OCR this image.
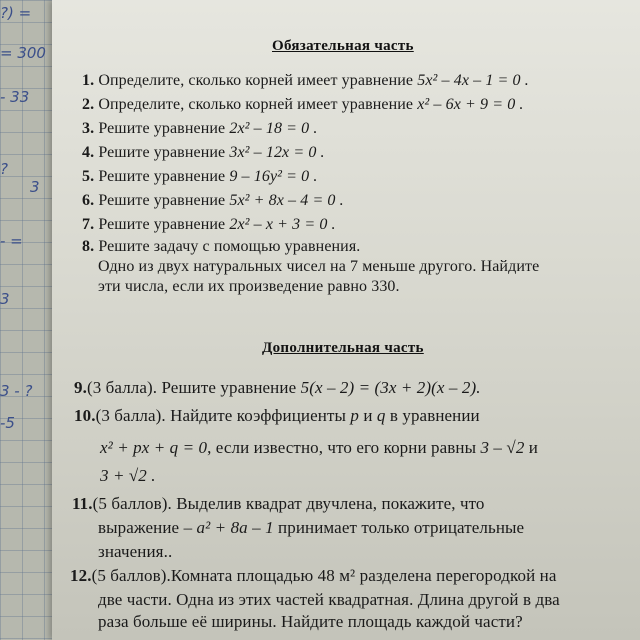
?) =
= 300
- 33
?
3
- =
3
3 - ?
-5
Обязательная часть
1. Определите, сколько корней имеет уравнение 5x² – 4x – 1 = 0 .
2. Определите, сколько корней имеет уравнение x² – 6x + 9 = 0 .
3. Решите уравнение 2x² – 18 = 0 .
4. Решите уравнение 3x² – 12x = 0 .
5. Решите уравнение 9 – 16y² = 0 .
6. Решите уравнение 5x² + 8x – 4 = 0 .
7. Решите уравнение 2x² – x + 3 = 0 .
8. Решите задачу с помощью уравнения.
Одно из двух натуральных чисел на 7 меньше другого. Найдите
эти числа, если их произведение равно 330.
Дополнительная часть
9.(3 балла). Решите уравнение 5(x – 2) = (3x + 2)(x – 2).
10.(3 балла). Найдите коэффициенты p и q в уравнении
x² + px + q = 0, если известно, что его корни равны 3 – √2 и
3 + √2 .
11.(5 баллов). Выделив квадрат двучлена, покажите, что
выражение – a² + 8a – 1 принимает только отрицательные
значения..
12.(5 баллов).Комната площадью 48 м² разделена перегородкой на
две части. Одна из этих частей квадратная. Длина другой в два
раза больше её ширины. Найдите площадь каждой части?
